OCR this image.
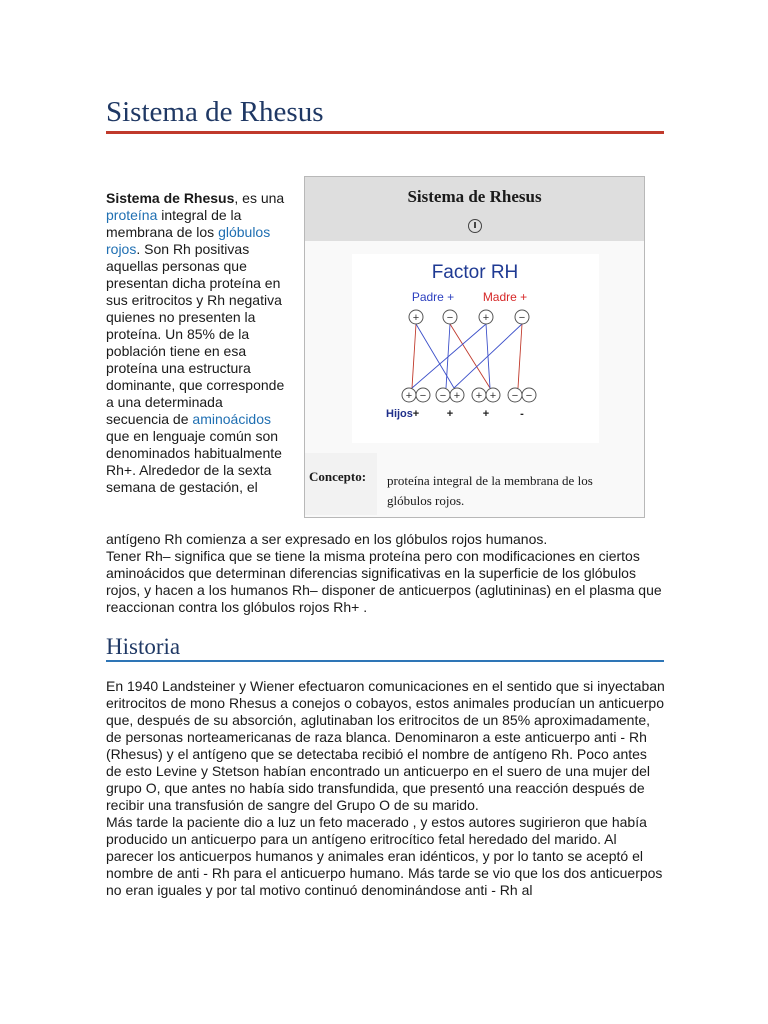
Sistema de Rhesus
Sistema de Rhesus, es una proteína integral de la membrana de los glóbulos rojos. Son Rh positivas aquellas personas que presentan dicha proteína en sus eritrocitos y Rh negativa quienes no presenten la proteína. Un 85% de la población tiene en esa proteína una estructura dominante, que corresponde a una determinada secuencia de aminoácidos que en lenguaje común son denominados habitualmente Rh+. Alrededor de la sexta semana de gestación, el
antígeno Rh comienza a ser expresado en los glóbulos rojos humanos.
Tener Rh– significa que se tiene la misma proteína pero con modificaciones en ciertos aminoácidos que determinan diferencias significativas en la superficie de los glóbulos rojos, y hacen a los humanos Rh– disponer de anticuerpos (aglutininas) en el plasma que reaccionan contra los glóbulos rojos Rh+ .
Sistema de Rhesus
Factor RH
Padre + Madre +
+	−	+	−
+ − − + + + − −
Hijos +	+	+	-
Concepto:	proteína integral de la membrana de los glóbulos rojos.
Historia
En 1940 Landsteiner y Wiener efectuaron comunicaciones en el sentido que si inyectaban eritrocitos de mono Rhesus a conejos o cobayos, estos animales producían un anticuerpo que, después de su absorción, aglutinaban los eritrocitos de un 85% aproximadamente, de personas norteamericanas de raza blanca. Denominaron a este anticuerpo anti - Rh (Rhesus) y el antígeno que se detectaba recibió el nombre de antígeno Rh. Poco antes de esto Levine y Stetson habían encontrado un anticuerpo en el suero de una mujer del grupo O, que antes no había sido transfundida, que presentó una reacción después de recibir una transfusión de sangre del Grupo O de su marido.
Más tarde la paciente dio a luz un feto macerado , y estos autores sugirieron que había producido un anticuerpo para un antígeno eritrocítico fetal heredado del marido. Al parecer los anticuerpos humanos y animales eran idénticos, y por lo tanto se aceptó el nombre de anti - Rh para el anticuerpo humano. Más tarde se vio que los dos anticuerpos no eran iguales y por tal motivo continuó denominándose anti - Rh al
